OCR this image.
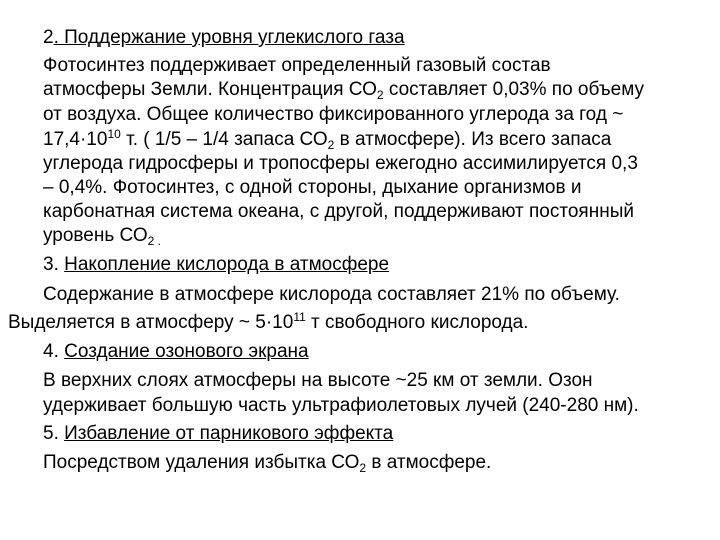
2. Поддержание уровня углекислого газа
Фотосинтез поддерживает определенный газовый состав
атмосферы Земли. Концентрация $СО_2$ составляет 0,03% по объему
от воздуха. Общее количество фиксированного углерода за год ~
$17,4\cdot 10^{10}$ т. ( 1/5 – 1/4 запаса $СО_2$ в атмосфере). Из всего запаса
углерода гидросферы и тропосферы ежегодно ассимилируется 0,3
– 0,4%. Фотосинтез, с одной стороны, дыхание организмов и
карбонатная система океана, с другой, поддерживают постоянный
уровень $СО_{2 .}$
3. Накопление кислорода в атмосфере
Содержание в атмосфере кислорода составляет 21% по объему.
Выделяется в атмосферу ~ $5\cdot 10^{11}$ т свободного кислорода.
4. Создание озонового экрана
В верхних слоях атмосферы на высоте ~25 км от земли. Озон
удерживает большую часть ультрафиолетовых лучей (240-280 нм).
5. Избавление от парникового эффекта
Посредством удаления избытка $СО_2$ в атмосфере.
